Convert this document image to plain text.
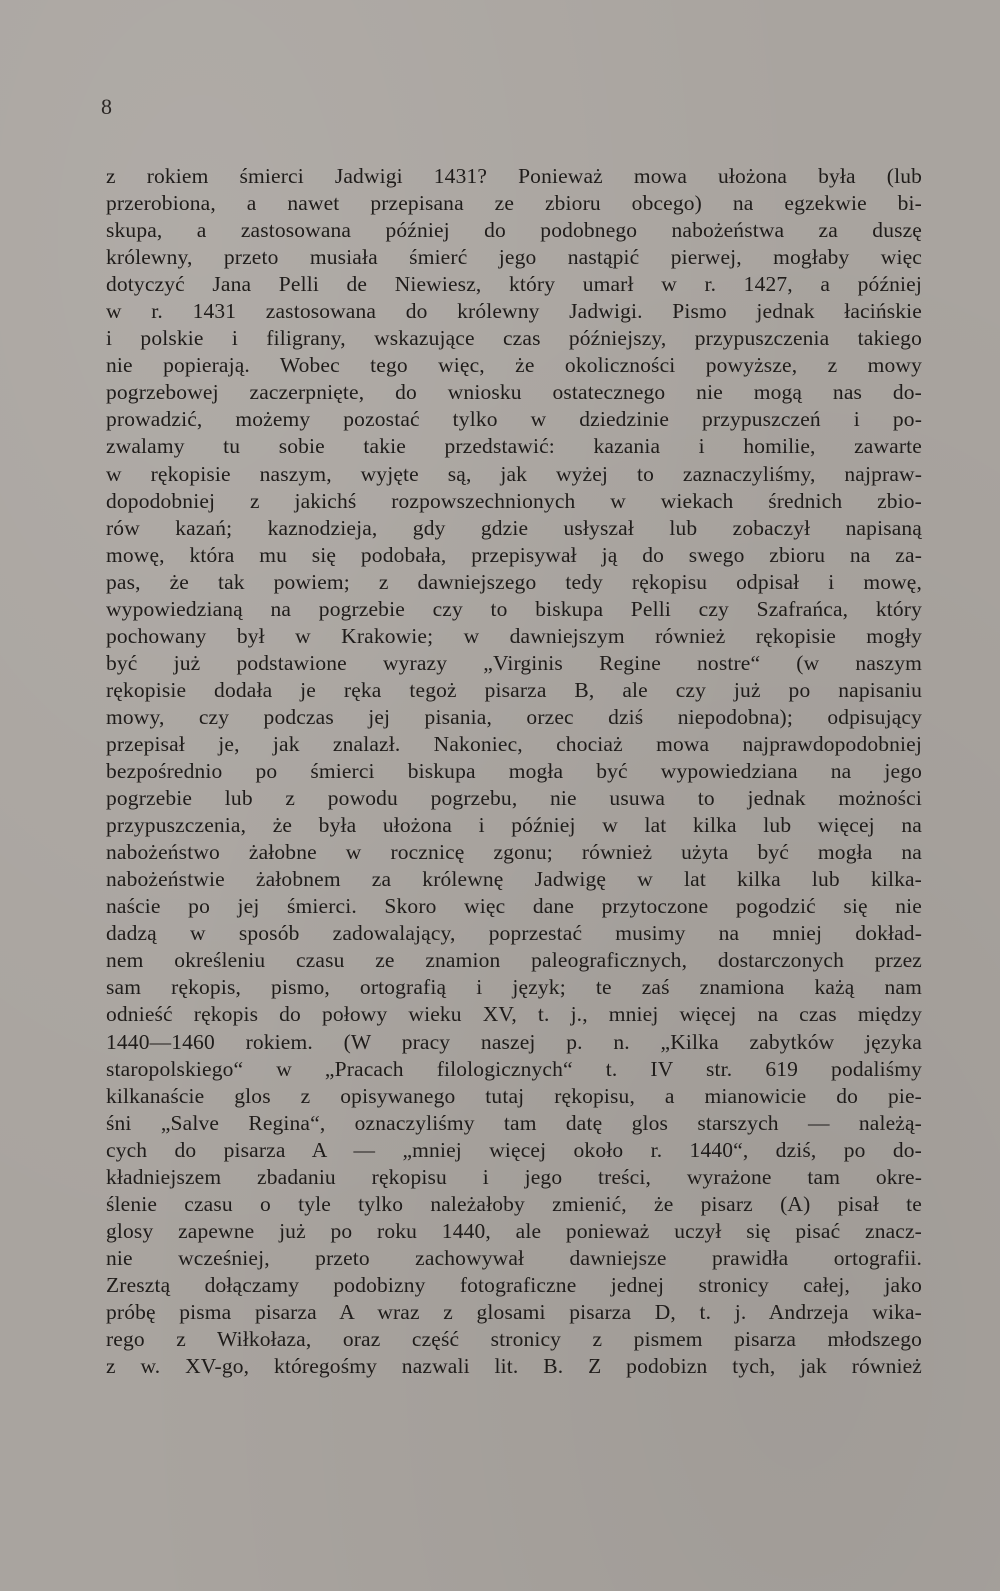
8
z rokiem śmierci Jadwigi 1431? Ponieważ mowa ułożona była (lub
przerobiona, a nawet przepisana ze zbioru obcego) na egzekwie bi-
skupa, a zastosowana później do podobnego nabożeństwa za duszę
królewny, przeto musiała śmierć jego nastąpić pierwej, mogłaby więc
dotyczyć Jana Pelli de Niewiesz, który umarł w r. 1427, a później
w r. 1431 zastosowana do królewny Jadwigi. Pismo jednak łacińskie
i polskie i filigrany, wskazujące czas późniejszy, przypuszczenia takiego
nie popierają. Wobec tego więc, że okoliczności powyższe, z mowy
pogrzebowej zaczerpnięte, do wniosku ostatecznego nie mogą nas do-
prowadzić, możemy pozostać tylko w dziedzinie przypuszczeń i po-
zwalamy tu sobie takie przedstawić: kazania i homilie, zawarte
w rękopisie naszym, wyjęte są, jak wyżej to zaznaczyliśmy, najpraw-
dopodobniej z jakichś rozpowszechnionych w wiekach średnich zbio-
rów kazań; kaznodzieja, gdy gdzie usłyszał lub zobaczył napisaną
mowę, która mu się podobała, przepisywał ją do swego zbioru na za-
pas, że tak powiem; z dawniejszego tedy rękopisu odpisał i mowę,
wypowiedzianą na pogrzebie czy to biskupa Pelli czy Szafrańca, który
pochowany był w Krakowie; w dawniejszym również rękopisie mogły
być już podstawione wyrazy „Virginis Regine nostre“ (w naszym
rękopisie dodała je ręka tegoż pisarza B, ale czy już po napisaniu
mowy, czy podczas jej pisania, orzec dziś niepodobna); odpisujący
przepisał je, jak znalazł. Nakoniec, chociaż mowa najprawdopodobniej
bezpośrednio po śmierci biskupa mogła być wypowiedziana na jego
pogrzebie lub z powodu pogrzebu, nie usuwa to jednak możności
przypuszczenia, że była ułożona i później w lat kilka lub więcej na
nabożeństwo żałobne w rocznicę zgonu; również użyta być mogła na
nabożeństwie żałobnem za królewnę Jadwigę w lat kilka lub kilka-
naście po jej śmierci. Skoro więc dane przytoczone pogodzić się nie
dadzą w sposób zadowalający, poprzestać musimy na mniej dokład-
nem określeniu czasu ze znamion paleograficznych, dostarczonych przez
sam rękopis, pismo, ortografią i język; te zaś znamiona każą nam
odnieść rękopis do połowy wieku XV, t. j., mniej więcej na czas między
1440—1460 rokiem. (W pracy naszej p. n. „Kilka zabytków języka
staropolskiego“ w „Pracach filologicznych“ t. IV str. 619 podaliśmy
kilkanaście glos z opisywanego tutaj rękopisu, a mianowicie do pie-
śni „Salve Regina“, oznaczyliśmy tam datę glos starszych — należą-
cych do pisarza A — „mniej więcej około r. 1440“, dziś, po do-
kładniejszem zbadaniu rękopisu i jego treści, wyrażone tam okre-
ślenie czasu o tyle tylko należałoby zmienić, że pisarz (A) pisał te
glosy zapewne już po roku 1440, ale ponieważ uczył się pisać znacz-
nie wcześniej, przeto zachowywał dawniejsze prawidła ortografii.
Zresztą dołączamy podobizny fotograficzne jednej stronicy całej, jako
próbę pisma pisarza A wraz z glosami pisarza D, t. j. Andrzeja wika-
rego z Wiłkołaza, oraz część stronicy z pismem pisarza młodszego
z w. XV-go, któregośmy nazwali lit. B. Z podobizn tych, jak również
